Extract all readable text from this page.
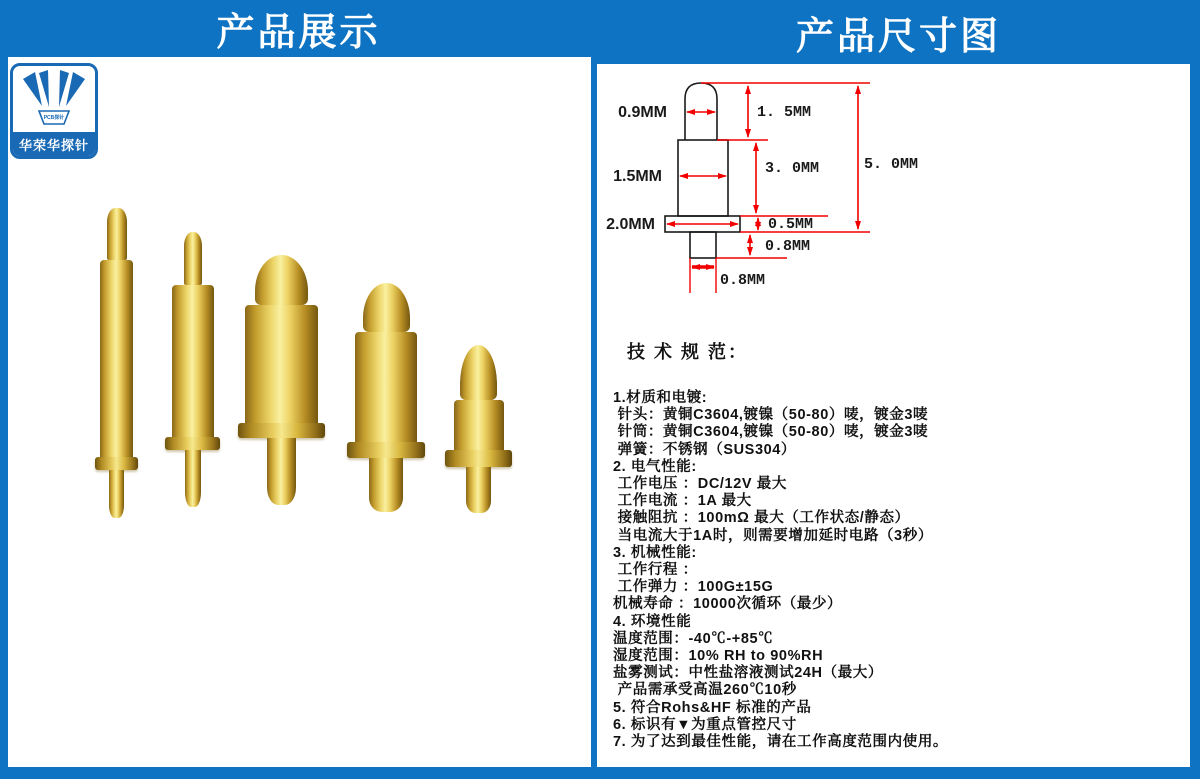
产品展示	产品尺寸图
PCB探针
华荣华探针
0.9MM
1.5MM
2.0MM
1. 5MM
3. 0MM	5. 0MM
0.5MM
0.8MM
0.8MM
技 术 规 范：
1.材质和电镀:
针头：黄铜C3604,镀镍（50-80）唛，镀金3唛
针筒：黄铜C3604,镀镍（50-80）唛，镀金3唛
弹簧：不锈钢（SUS304）
2. 电气性能:
工作电压 ：DC/12V 最大
工作电流 ：1A 最大
接触阻抗 ：100mΩ 最大（工作状态/静态）
当电流大于1A时，则需要增加延时电路（3秒）
3. 机械性能:
工作行程 ：
工作弹力 ：100G±15G
机械寿命 ：10000次循环（最少）
4. 环境性能
温度范围：-40℃-+85℃
湿度范围：10% RH to 90%RH
盐雾测试：中性盐溶液测试24H（最大）
产品需承受高温260℃10秒
5. 符合Rohs&HF 标准的产品
6. 标识有▼为重点管控尺寸
7. 为了达到最佳性能，请在工作高度范围内使用。
